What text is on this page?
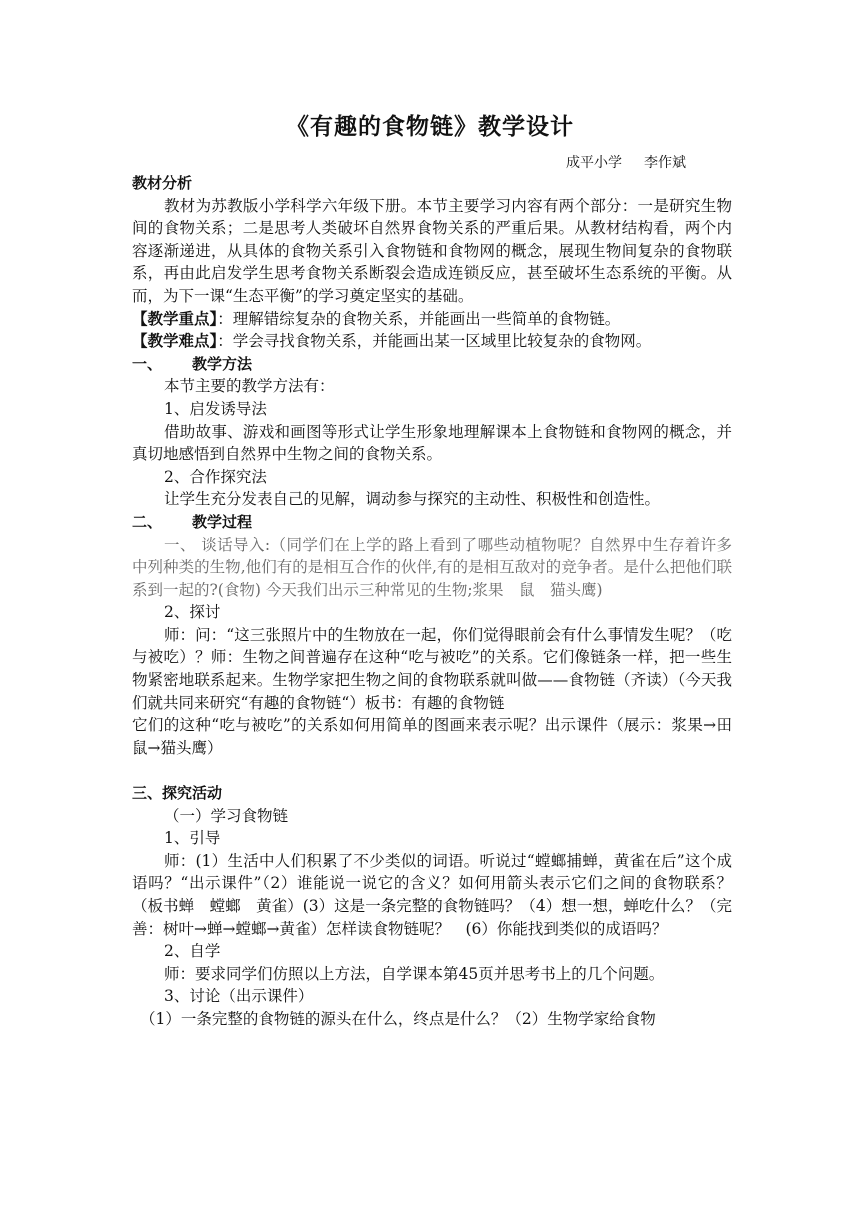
《有趣的食物链》教学设计
成平小学 李作斌

教材分析

教材为苏教版小学科学六年级下册。本节主要学习内容有两个部分：一是研究生物间的食物关系；二是思考人类破坏自然界食物关系的严重后果。从教材结构看，两个内容逐渐递进，从具体的食物关系引入食物链和食物网的概念，展现生物间复杂的食物联系，再由此启发学生思考食物关系断裂会造成连锁反应，甚至破坏生态系统的平衡。从而，为下一课“生态平衡”的学习奠定坚实的基础。

【教学重点】：理解错综复杂的食物关系，并能画出一些简单的食物链。

【教学难点】：学会寻找食物关系，并能画出某一区域里比较复杂的食物网。

一、 教学方法

本节主要的教学方法有：

1、启发诱导法

借助故事、游戏和画图等形式让学生形象地理解课本上食物链和食物网的概念，并真切地感悟到自然界中生物之间的食物关系。

2、合作探究法

让学生充分发表自己的见解，调动参与探究的主动性、积极性和创造性。

二、 教学过程

一、 谈话导入:（同学们在上学的路上看到了哪些动植物呢？自然界中生存着许多中列种类的生物,他们有的是相互合作的伙伴,有的是相互敌对的竞争者。是什么把他们联系到一起的?(食物) 今天我们出示三种常见的生物;浆果　鼠　猫头鹰)

2、探讨

师：问：“这三张照片中的生物放在一起，你们觉得眼前会有什么事情发生呢？（吃与被吃）？师：生物之间普遍存在这种“吃与被吃”的关系。它们像链条一样，把一些生物紧密地联系起来。生物学家把生物之间的食物联系就叫做——食物链（齐读）（今天我们就共同来研究“有趣的食物链“）板书：有趣的食物链

它们的这种“吃与被吃”的关系如何用简单的图画来表示呢？出示课件（展示：浆果→田鼠→猫头鹰）

三、探究活动

（一）学习食物链

1、引导

师：(1）生活中人们积累了不少类似的词语。听说过“螳螂捕蝉，黄雀在后”这个成语吗？“出示课件”（2）谁能说一说它的含义？如何用箭头表示它们之间的食物联系？（板书蝉　螳螂　黄雀）(3）这是一条完整的食物链吗？（4）想一想，蝉吃什么？（完善：树叶→蝉→螳螂→黄雀）怎样读食物链呢？　(6）你能找到类似的成语吗？

2、自学

师：要求同学们仿照以上方法，自学课本第45页并思考书上的几个问题。

3、讨论（出示课件）

（1）一条完整的食物链的源头在什么，终点是什么？（2）生物学家给食物
